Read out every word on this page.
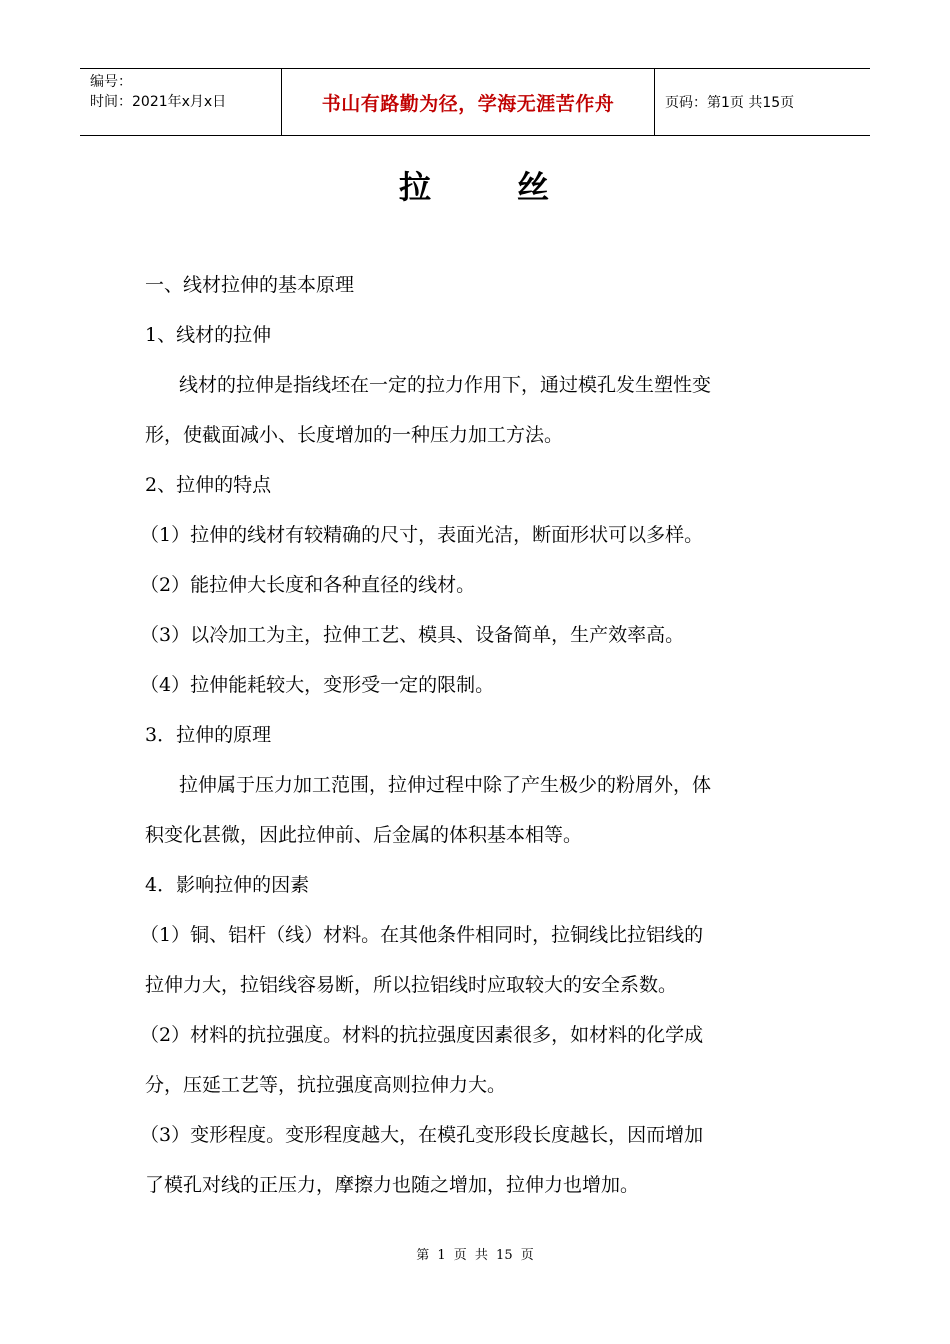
编号：
时间：2021年x月x日	书山有路勤为径，学海无涯苦作舟	页码：第1页 共15页
拉	丝
一、线材拉伸的基本原理
1、线材的拉伸
线材的拉伸是指线坯在一定的拉力作用下，通过模孔发生塑性变
形，使截面减小、长度增加的一种压力加工方法。
2、拉伸的特点
（1）拉伸的线材有较精确的尺寸，表面光洁，断面形状可以多样。
（2）能拉伸大长度和各种直径的线材。
（3）以冷加工为主，拉伸工艺、模具、设备简单，生产效率高。
（4）拉伸能耗较大，变形受一定的限制。
3．拉伸的原理
拉伸属于压力加工范围，拉伸过程中除了产生极少的粉屑外，体
积变化甚微，因此拉伸前、后金属的体积基本相等。
4．影响拉伸的因素
（1）铜、铝杆（线）材料。在其他条件相同时，拉铜线比拉铝线的
拉伸力大，拉铝线容易断，所以拉铝线时应取较大的安全系数。
（2）材料的抗拉强度。材料的抗拉强度因素很多，如材料的化学成
分，压延工艺等，抗拉强度高则拉伸力大。
（3）变形程度。变形程度越大，在模孔变形段长度越长，因而增加
了模孔对线的正压力，摩擦力也随之增加，拉伸力也增加。
第 1 页 共 15 页
